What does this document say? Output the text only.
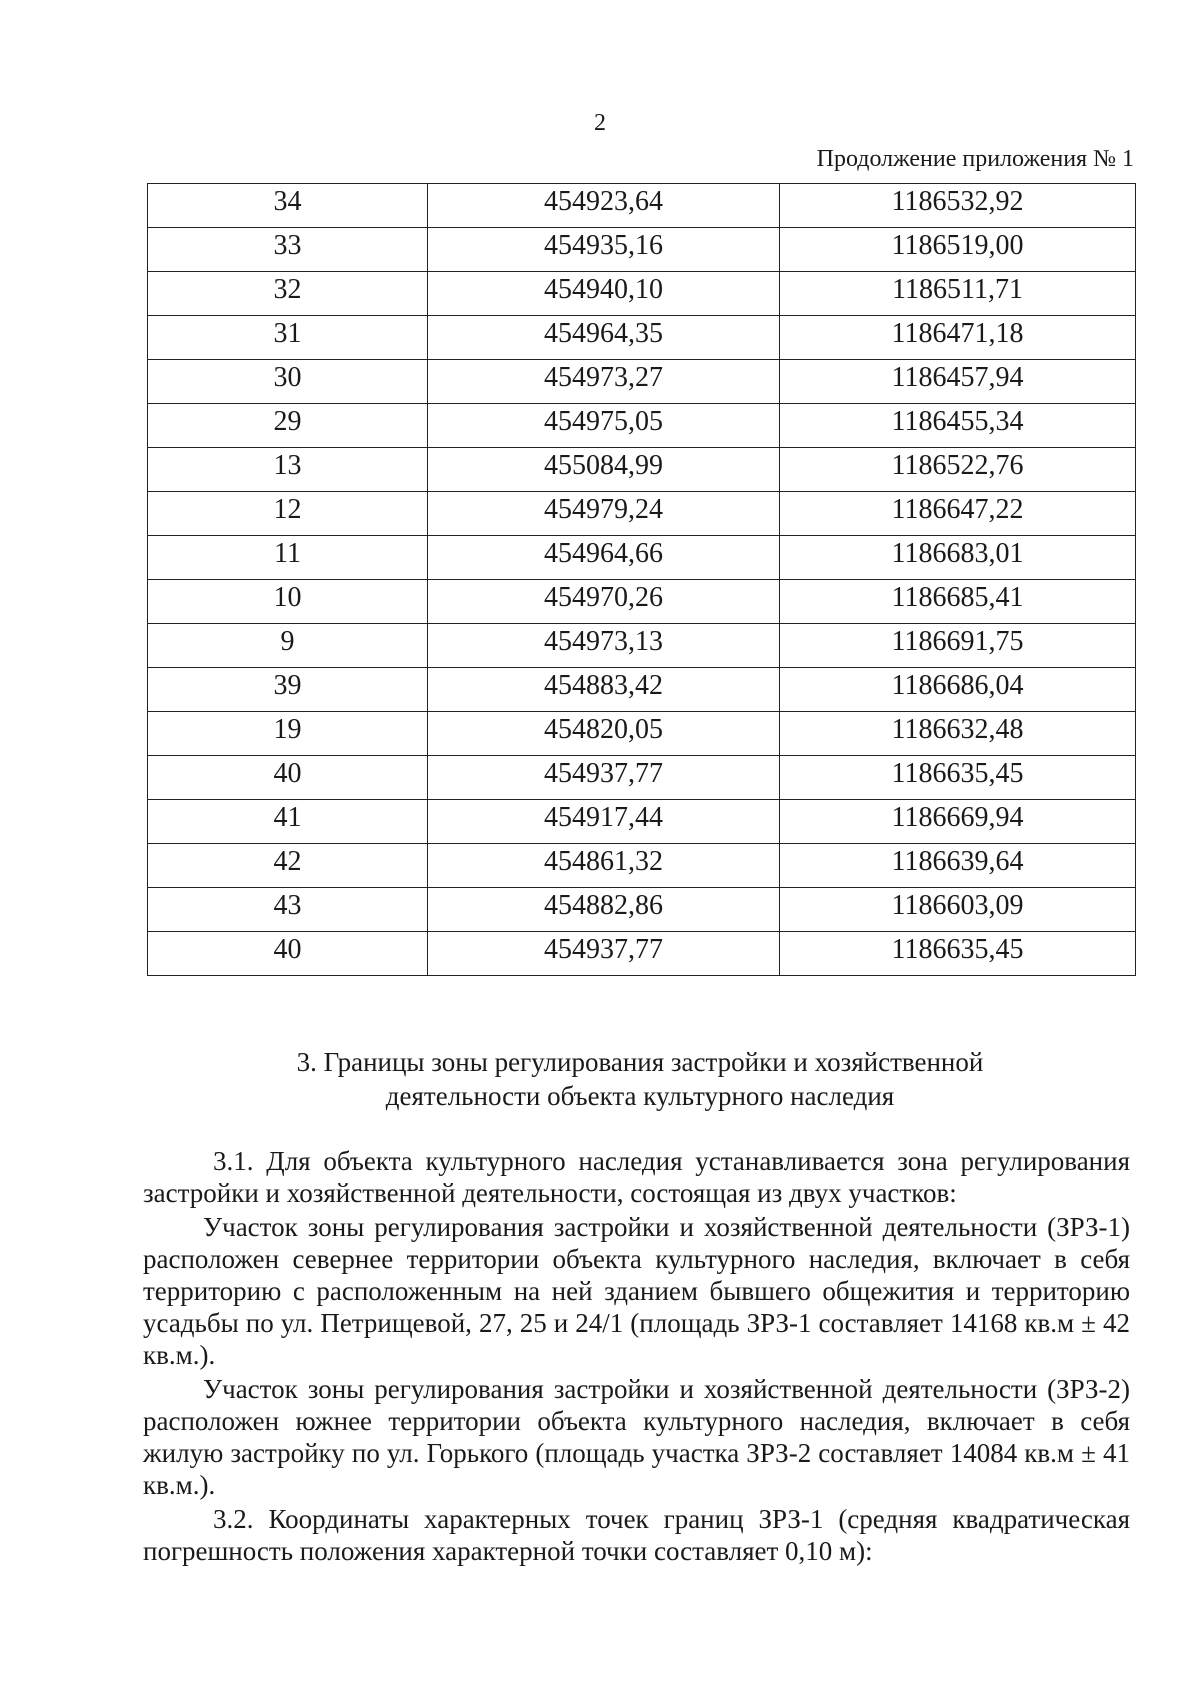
2
Продолжение приложения № 1
34	454923,64	1186532,92
33	454935,16	1186519,00
32	454940,10	1186511,71
31	454964,35	1186471,18
30	454973,27	1186457,94
29	454975,05	1186455,34
13	455084,99	1186522,76
12	454979,24	1186647,22
11	454964,66	1186683,01
10	454970,26	1186685,41
9	454973,13	1186691,75
39	454883,42	1186686,04
19	454820,05	1186632,48
40	454937,77	1186635,45
41	454917,44	1186669,94
42	454861,32	1186639,64
43	454882,86	1186603,09
40	454937,77	1186635,45
3. Границы зоны регулирования застройки и хозяйственной
деятельности объекта культурного наследия

3.1. Для объекта культурного наследия устанавливается зона регулирования застройки и хозяйственной деятельности, состоящая из двух участков:

Участок зоны регулирования застройки и хозяйственной деятельности (ЗРЗ-1) расположен севернее территории объекта культурного наследия, включает в себя территорию с расположенным на ней зданием бывшего общежития и территорию усадьбы по ул. Петрищевой, 27, 25 и 24/1 (площадь ЗРЗ-1 составляет 14168 кв.м ± 42 кв.м.).

Участок зоны регулирования застройки и хозяйственной деятельности (ЗРЗ-2) расположен южнее территории объекта культурного наследия, включает в себя жилую застройку по ул. Горького (площадь участка ЗРЗ-2 составляет 14084 кв.м ± 41 кв.м.).

3.2. Координаты характерных точек границ ЗРЗ-1 (средняя квадратическая погрешность положения характерной точки составляет 0,10 м):
